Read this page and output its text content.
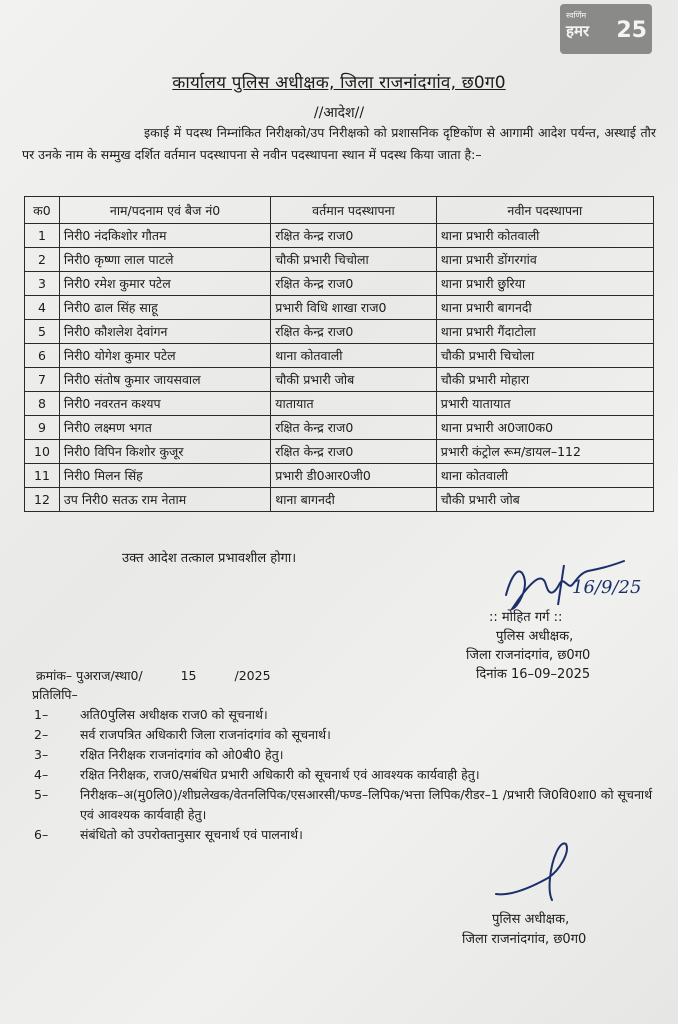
स्वर्णिम
हमर 25
कार्यालय पुलिस अधीक्षक, जिला राजनांदगांव, छ0ग0
//आदेश//
इकाई में पदस्थ निम्नांकित निरीक्षको/उप निरीक्षको को प्रशासनिक दृष्टिकोंण से आगामी आदेश पर्यन्त, अस्थाई तौर पर उनके नाम के सम्मुख दर्शित वर्तमान पदस्थापना से नवीन पदस्थापना स्थान में पदस्थ किया जाता है:–
क0	नाम/पदनाम एवं बैज नं0	वर्तमान पदस्थापना	नवीन पदस्थापना
1	निरी0 नंदकिशोर गौतम	रक्षित केन्द्र राज0	थाना प्रभारी कोतवाली
2	निरी0 कृष्णा लाल पाटले	चौकी प्रभारी चिचोला	थाना प्रभारी डोंगरगांव
3	निरी0 रमेश कुमार पटेल	रक्षित केन्द्र राज0	थाना प्रभारी छुरिया
4	निरी0 ढाल सिंह साहू	प्रभारी विधि शाखा राज0	थाना प्रभारी बागनदी
5	निरी0 कौशलेश देवांगन	रक्षित केन्द्र राज0	थाना प्रभारी गैंदाटोला
6	निरी0 योगेश कुमार पटेल	थाना कोतवाली	चौकी प्रभारी चिचोला
7	निरी0 संतोष कुमार जायसवाल	चौकी प्रभारी जोब	चौकी प्रभारी मोहारा
8	निरी0 नवरतन कश्यप	यातायात	प्रभारी यातायात
9	निरी0 लक्ष्मण भगत	रक्षित केन्द्र राज0	थाना प्रभारी अ0जा0क0
10	निरी0 विपिन किशोर कुजूर	रक्षित केन्द्र राज0	प्रभारी कंट्रोल रूम/डायल–112
11	निरी0 मिलन सिंह	प्रभारी डी0आर0जी0	थाना कोतवाली
12	उप निरी0 सतऊ राम नेताम	थाना बागनदी	चौकी प्रभारी जोब
उक्त आदेश तत्काल प्रभावशील होगा।
16/9/25
:: मोहित गर्ग ::
पुलिस अधीक्षक,
जिला राजनांदगांव, छ0ग0
दिनांक 16–09–2025
क्रमांक– पुअराज/स्था0/	15	/2025
प्रतिलिपि–
1–	अति0पुलिस अधीक्षक राज0 को सूचनार्थ।
2–	सर्व राजपत्रित अधिकारी जिला राजनांदगांव को सूचनार्थ।
3–	रक्षित निरीक्षक राजनांदगांव को ओ0बी0 हेतु।
4–	रक्षित निरीक्षक, राज0/सबंधित प्रभारी अधिकारी को सूचनार्थ एवं आवश्यक कार्यवाही हेतु।
5–	निरीक्षक–अ(मु0लि0)/शीघ्रलेखक/वेतनलिपिक/एसआरसी/फण्ड–लिपिक/भत्ता लिपिक/रीडर–1 /प्रभारी जि0वि0शा0 को सूचनार्थ एवं आवश्यक कार्यवाही हेतु।
6–	संबंधितो को उपरोक्तानुसार सूचनार्थ एवं पालनार्थ।
पुलिस अधीक्षक,
जिला राजनांदगांव, छ0ग0
